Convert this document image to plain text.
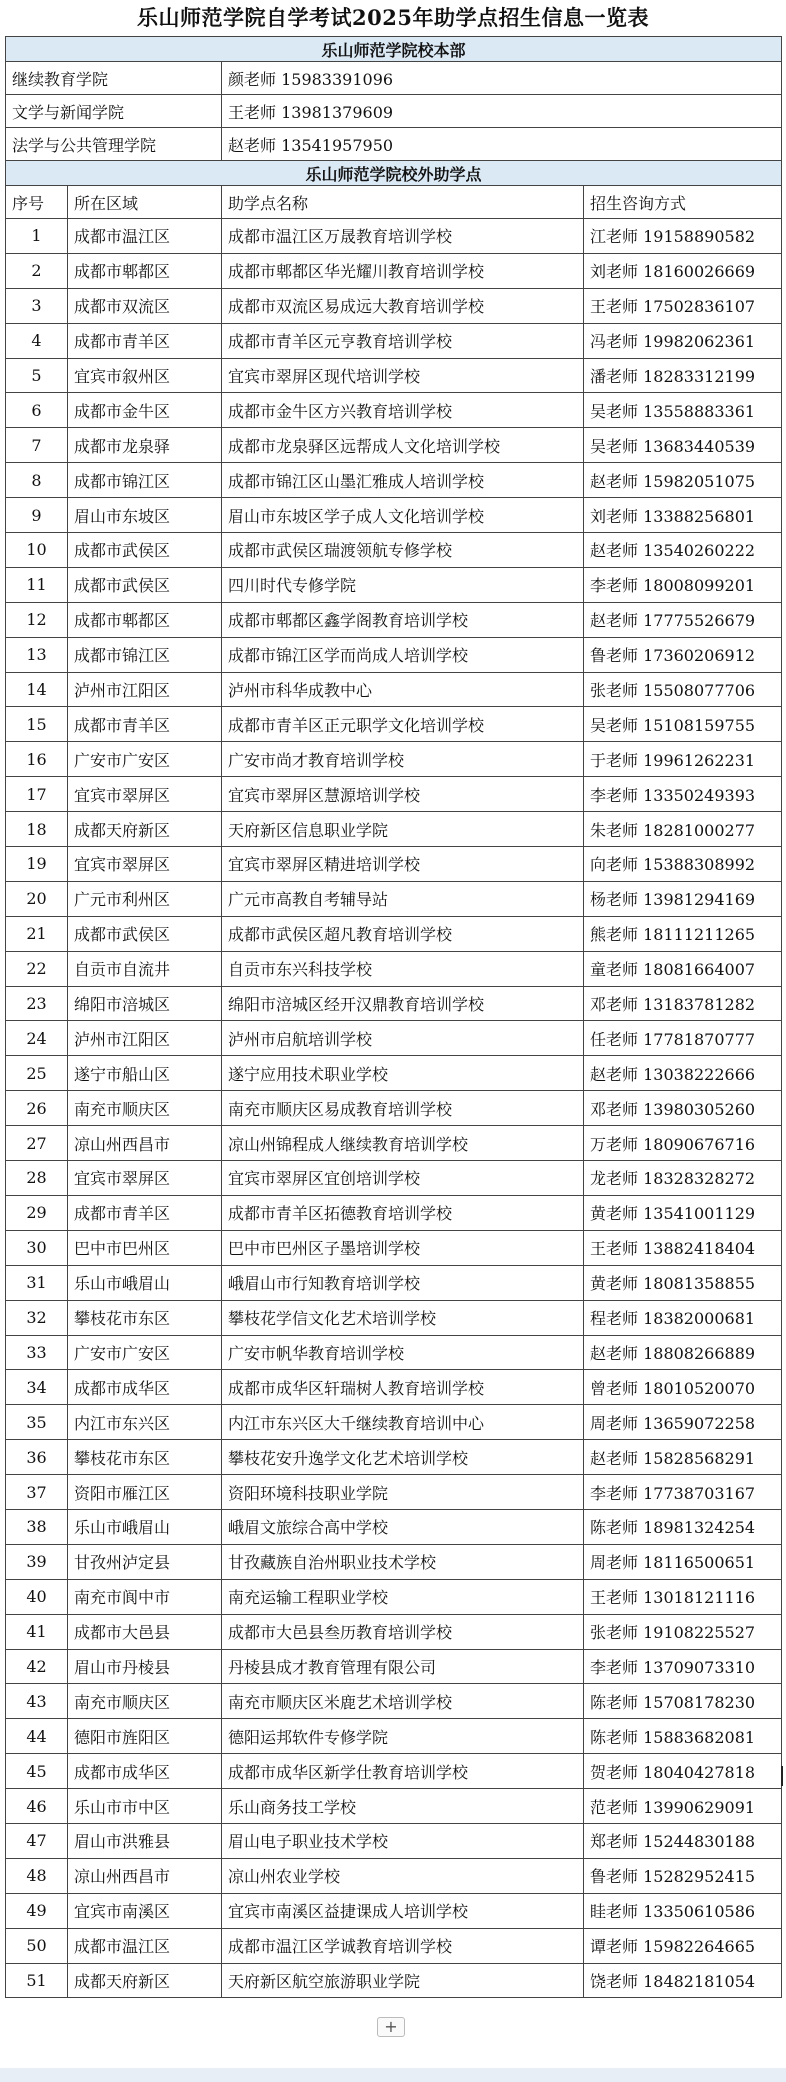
乐山师范学院自学考试2025年助学点招生信息一览表
乐山师范学院校本部	
继续教育学院	颜老师 15983391096
文学与新闻学院	王老师 13981379609
法学与公共管理学院	赵老师 13541957950
乐山师范学院校外助学点			
序号	所在区域	助学点名称	招生咨询方式
1	成都市温江区	成都市温江区万晟教育培训学校	江老师 19158890582
2	成都市郫都区	成都市郫都区华光耀川教育培训学校	刘老师 18160026669
3	成都市双流区	成都市双流区易成远大教育培训学校	王老师 17502836107
4	成都市青羊区	成都市青羊区元亨教育培训学校	冯老师 19982062361
5	宜宾市叙州区	宜宾市翠屏区现代培训学校	潘老师 18283312199
6	成都市金牛区	成都市金牛区方兴教育培训学校	吴老师 13558883361
7	成都市龙泉驿	成都市龙泉驿区远帮成人文化培训学校	吴老师 13683440539
8	成都市锦江区	成都市锦江区山墨汇雅成人培训学校	赵老师 15982051075
9	眉山市东坡区	眉山市东坡区学子成人文化培训学校	刘老师 13388256801
10	成都市武侯区	成都市武侯区瑞渡领航专修学校	赵老师 13540260222
11	成都市武侯区	四川时代专修学院	李老师 18008099201
12	成都市郫都区	成都市郫都区鑫学阁教育培训学校	赵老师 17775526679
13	成都市锦江区	成都市锦江区学而尚成人培训学校	鲁老师 17360206912
14	泸州市江阳区	泸州市科华成教中心	张老师 15508077706
15	成都市青羊区	成都市青羊区正元职学文化培训学校	吴老师 15108159755
16	广安市广安区	广安市尚才教育培训学校	于老师 19961262231
17	宜宾市翠屏区	宜宾市翠屏区慧源培训学校	李老师 13350249393
18	成都天府新区	天府新区信息职业学院	朱老师 18281000277
19	宜宾市翠屏区	宜宾市翠屏区精进培训学校	向老师 15388308992
20	广元市利州区	广元市高教自考辅导站	杨老师 13981294169
21	成都市武侯区	成都市武侯区超凡教育培训学校	熊老师 18111211265
22	自贡市自流井	自贡市东兴科技学校	童老师 18081664007
23	绵阳市涪城区	绵阳市涪城区经开汉鼎教育培训学校	邓老师 13183781282
24	泸州市江阳区	泸州市启航培训学校	任老师 17781870777
25	遂宁市船山区	遂宁应用技术职业学校	赵老师 13038222666
26	南充市顺庆区	南充市顺庆区易成教育培训学校	邓老师 13980305260
27	凉山州西昌市	凉山州锦程成人继续教育培训学校	万老师 18090676716
28	宜宾市翠屏区	宜宾市翠屏区宜创培训学校	龙老师 18328328272
29	成都市青羊区	成都市青羊区拓德教育培训学校	黄老师 13541001129
30	巴中市巴州区	巴中市巴州区子墨培训学校	王老师 13882418404
31	乐山市峨眉山	峨眉山市行知教育培训学校	黄老师 18081358855
32	攀枝花市东区	攀枝花学信文化艺术培训学校	程老师 18382000681
33	广安市广安区	广安市帆华教育培训学校	赵老师 18808266889
34	成都市成华区	成都市成华区轩瑞树人教育培训学校	曾老师 18010520070
35	内江市东兴区	内江市东兴区大千继续教育培训中心	周老师 13659072258
36	攀枝花市东区	攀枝花安升逸学文化艺术培训学校	赵老师 15828568291
37	资阳市雁江区	资阳环境科技职业学院	李老师 17738703167
38	乐山市峨眉山	峨眉文旅综合高中学校	陈老师 18981324254
39	甘孜州泸定县	甘孜藏族自治州职业技术学校	周老师 18116500651
40	南充市阆中市	南充运输工程职业学校	王老师 13018121116
41	成都市大邑县	成都市大邑县叁历教育培训学校	张老师 19108225527
42	眉山市丹棱县	丹棱县成才教育管理有限公司	李老师 13709073310
43	南充市顺庆区	南充市顺庆区米鹿艺术培训学校	陈老师 15708178230
44	德阳市旌阳区	德阳运邦软件专修学院	陈老师 15883682081
45	成都市成华区	成都市成华区新学仕教育培训学校	贺老师 18040427818
46	乐山市市中区	乐山商务技工学校	范老师 13990629091
47	眉山市洪雅县	眉山电子职业技术学校	郑老师 15244830188
48	凉山州西昌市	凉山州农业学校	鲁老师 15282952415
49	宜宾市南溪区	宜宾市南溪区益捷课成人培训学校	眭老师 13350610586
50	成都市温江区	成都市温江区学诚教育培训学校	谭老师 15982264665
51	成都天府新区	天府新区航空旅游职业学院	饶老师 18482181054
+
